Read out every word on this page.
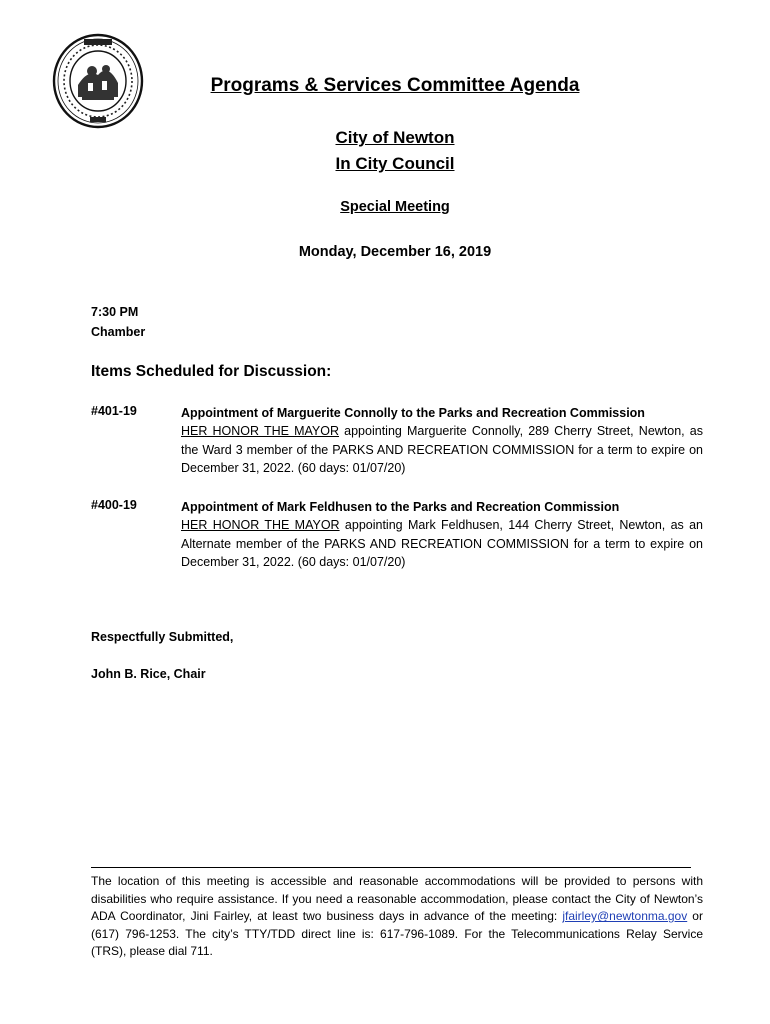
Programs & Services Committee Agenda
City of Newton
In City Council
Special Meeting
Monday, December 16, 2019
7:30 PM
Chamber
Items Scheduled for Discussion:
#401-19	Appointment of Marguerite Connolly to the Parks and Recreation Commission
HER HONOR THE MAYOR appointing Marguerite Connolly, 289 Cherry Street, Newton, as the Ward 3 member of the PARKS AND RECREATION COMMISSION for a term to expire on December 31, 2022. (60 days: 01/07/20)
#400-19	Appointment of Mark Feldhusen to the Parks and Recreation Commission
HER HONOR THE MAYOR appointing Mark Feldhusen, 144 Cherry Street, Newton, as an Alternate member of the PARKS AND RECREATION COMMISSION for a term to expire on December 31, 2022. (60 days: 01/07/20)
Respectfully Submitted,
John B. Rice, Chair
The location of this meeting is accessible and reasonable accommodations will be provided to persons with disabilities who require assistance. If you need a reasonable accommodation, please contact the City of Newton’s ADA Coordinator, Jini Fairley, at least two business days in advance of the meeting: jfairley@newtonma.gov or (617) 796-1253. The city’s TTY/TDD direct line is: 617-796-1089. For the Telecommunications Relay Service (TRS), please dial 711.
